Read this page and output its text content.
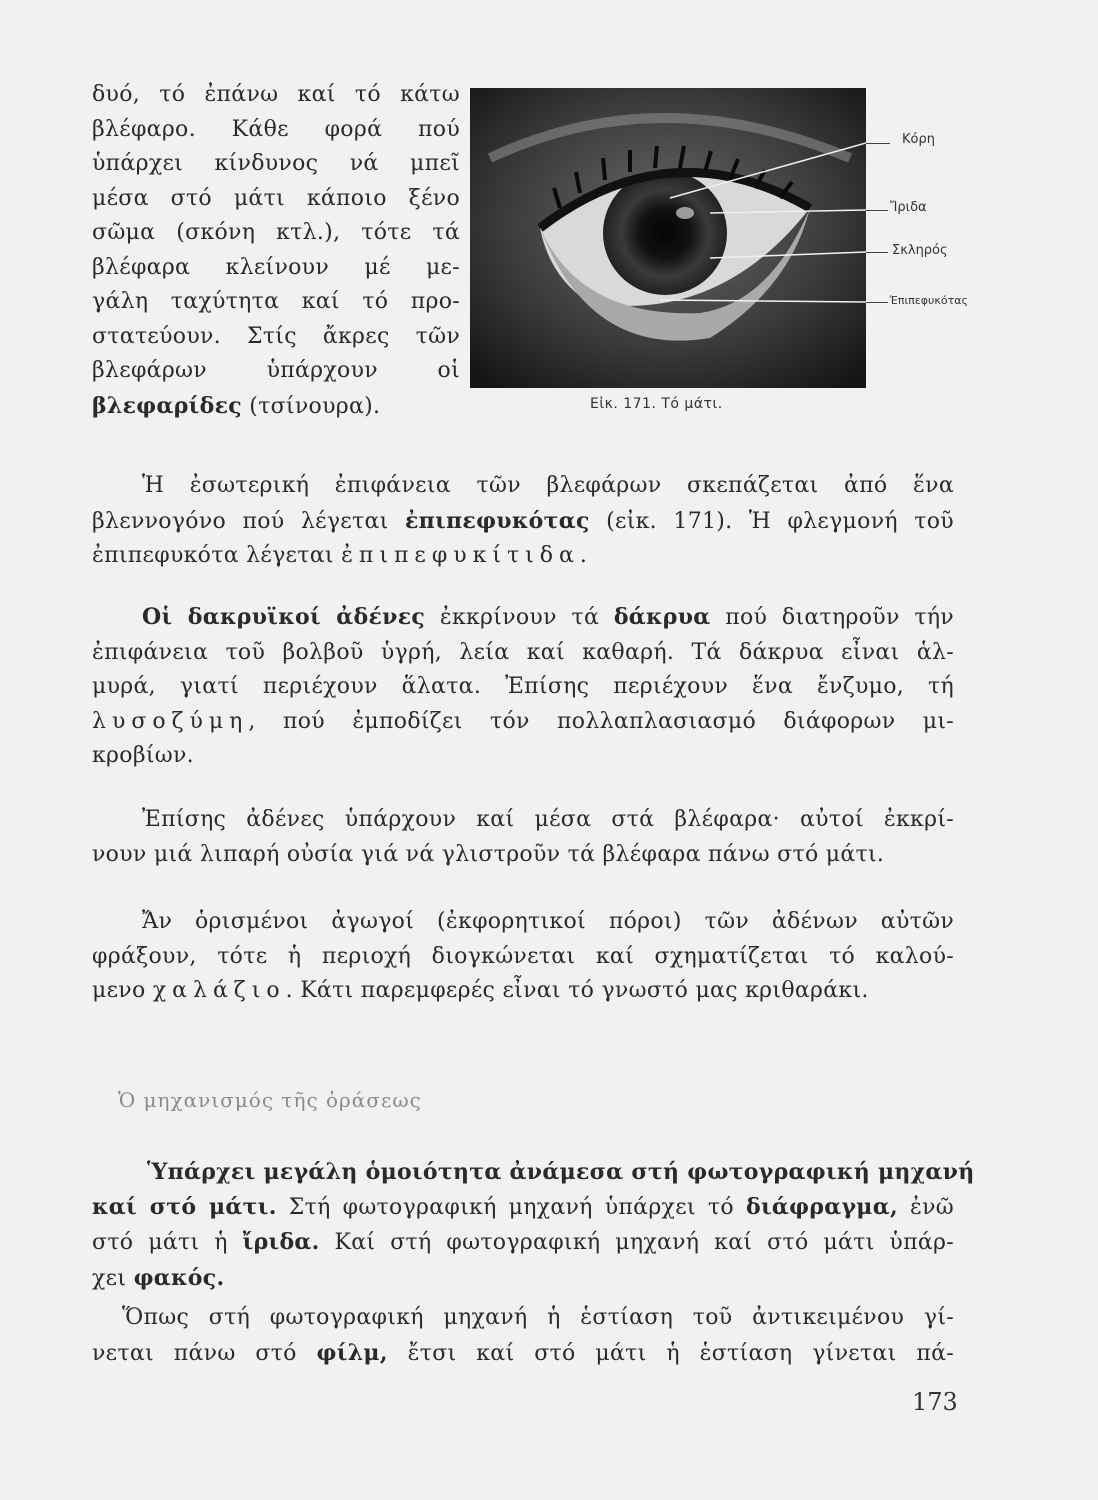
δυό, τό ἐπάνω καί τό κάτω
βλέφαρο. Κάθε φορά πού
ὑπάρχει κίνδυνος νά μπεῖ
μέσα στό μάτι κάποιο ξένο
σῶμα (σκόνη κτλ.), τότε τά
βλέφαρα κλείνουν μέ με-
γάλη ταχύτητα καί τό προ-
στατεύουν. Στίς ἄκρες τῶν
βλεφάρων ὑπάρχουν οἱ
βλεφαρίδες (τσίνουρα).
Κόρη
Ἴριδα
Σκληρός
Ἐπιπεφυκότας
Εἰκ. 171. Τό μάτι.
Ἡ ἐσωτερική ἐπιφάνεια τῶν βλεφάρων σκεπάζεται ἀπό ἕνα
βλεννογόνο πού λέγεται ἐπιπεφυκότας (εἰκ. 171). Ἡ φλεγμονή τοῦ
ἐπιπεφυκότα λέγεται ἐπιπεφυκίτιδα.
Οἱ δακρυϊκοί ἀδένες ἐκκρίνουν τά δάκρυα πού διατηροῦν τήν
ἐπιφάνεια τοῦ βολβοῦ ὑγρή, λεία καί καθαρή. Τά δάκρυα εἶναι ἁλ-
μυρά, γιατί περιέχουν ἅλατα. Ἐπίσης περιέχουν ἕνα ἔνζυμο, τή
λυσοζύμη, πού ἐμποδίζει τόν πολλαπλασιασμό διάφορων μι-
κροβίων.
Ἐπίσης ἀδένες ὑπάρχουν καί μέσα στά βλέφαρα· αὐτοί ἐκκρί-
νουν μιά λιπαρή οὐσία γιά νά γλιστροῦν τά βλέφαρα πάνω στό μάτι.
Ἄν ὁρισμένοι ἀγωγοί (ἐκφορητικοί πόροι) τῶν ἀδένων αὐτῶν
φράξουν, τότε ἡ περιοχή διογκώνεται καί σχηματίζεται τό καλού-
μενο χαλάζιο. Κάτι παρεμφερές εἶναι τό γνωστό μας κριθαράκι.
Ὁ μηχανισμός τῆς ὁράσεως
Ὑπάρχει μεγάλη ὁμοιότητα ἀνάμεσα στή φωτογραφική μηχανή
καί στό μάτι. Στή φωτογραφική μηχανή ὑπάρχει τό διάφραγμα, ἐνῶ
στό μάτι ἡ ἴριδα. Καί στή φωτογραφική μηχανή καί στό μάτι ὑπάρ-
χει φακός.
Ὅπως στή φωτογραφική μηχανή ἡ ἑστίαση τοῦ ἀντικειμένου γί-
νεται πάνω στό φίλμ, ἔτσι καί στό μάτι ἡ ἑστίαση γίνεται πά-
173
